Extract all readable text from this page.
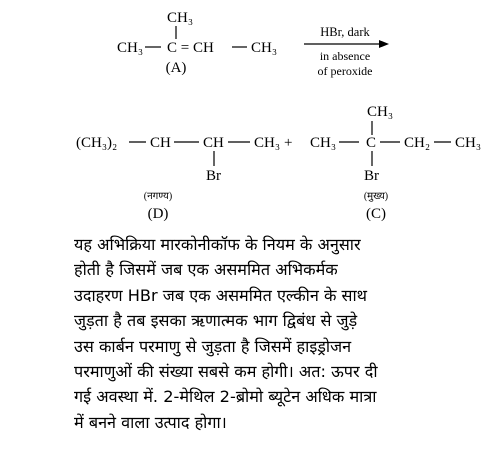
CH₃
CH₃ C = CH CH₃
(A)
HBr, dark
in absence
of peroxide
(CH₃)₂ CH CH CH₃
Br
(नगण्य)
(D)
+ CH₃
CH₃
C CH₂ CH₃
Br
(मुख्य)
(C)
यह अभिक्रिया मारकोनीकॉफ के नियम के अनुसार
होती है जिसमें जब एक असममित अभिकर्मक
उदाहरण HBr जब एक असममित एल्कीन के साथ
जुड़ता है तब इसका ऋणात्मक भाग द्विबंध से जुड़े
उस कार्बन परमाणु से जुड़ता है जिसमें हाइड्रोजन
परमाणुओं की संख्या सबसे कम होगी। अत: ऊपर दी
गई अवस्था में. 2-मेथिल 2-ब्रोमो ब्यूटेन अधिक मात्रा
में बनने वाला उत्पाद होगा।
